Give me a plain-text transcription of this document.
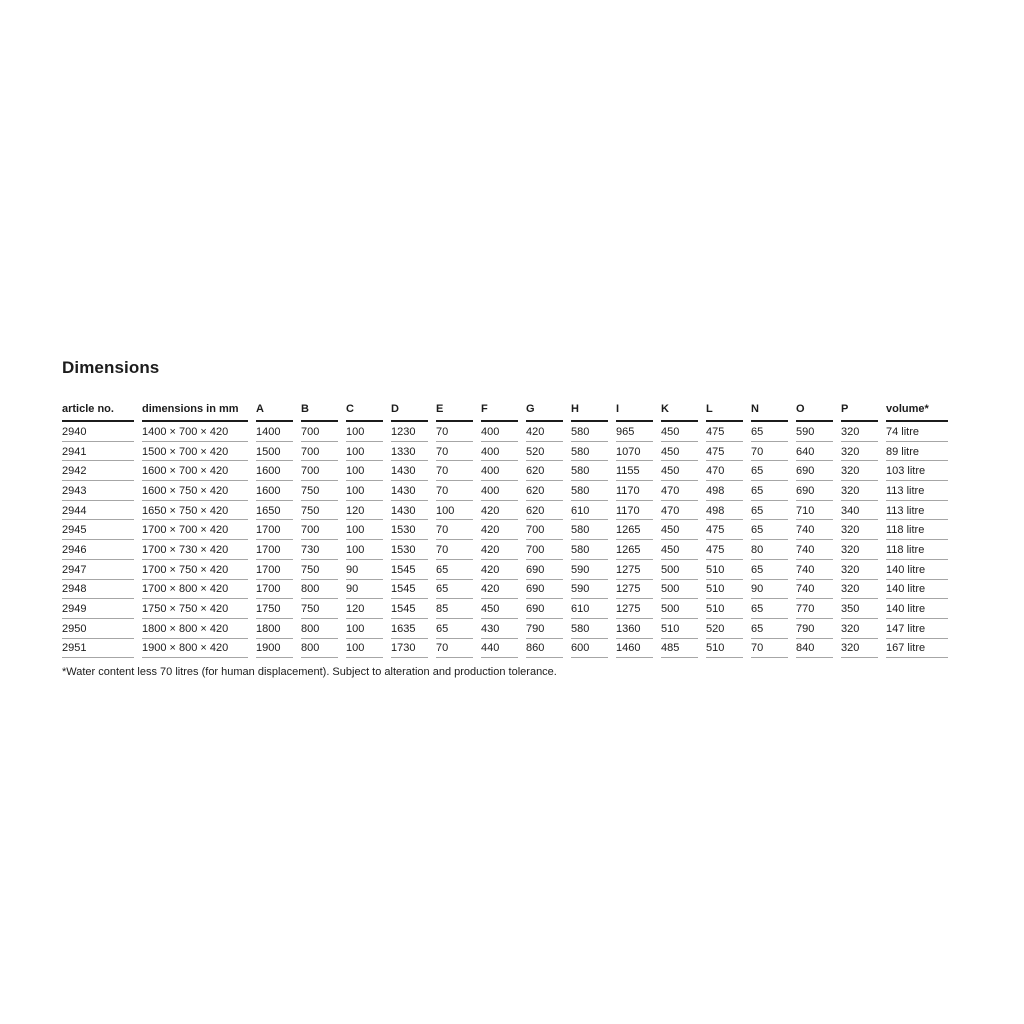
Dimensions
article no.	dimensions in mm	A	B	C	D	E	F	G	H	I	K	L	N	O	P	volume*
2940	1400 × 700 × 420	1400	700	100	1230	70	400	420	580	965	450	475	65	590	320	74 litre
2941	1500 × 700 × 420	1500	700	100	1330	70	400	520	580	1070	450	475	70	640	320	89 litre
2942	1600 × 700 × 420	1600	700	100	1430	70	400	620	580	1155	450	470	65	690	320	103 litre
2943	1600 × 750 × 420	1600	750	100	1430	70	400	620	580	1170	470	498	65	690	320	113 litre
2944	1650 × 750 × 420	1650	750	120	1430	100	420	620	610	1170	470	498	65	710	340	113 litre
2945	1700 × 700 × 420	1700	700	100	1530	70	420	700	580	1265	450	475	65	740	320	118 litre
2946	1700 × 730 × 420	1700	730	100	1530	70	420	700	580	1265	450	475	80	740	320	118 litre
2947	1700 × 750 × 420	1700	750	90	1545	65	420	690	590	1275	500	510	65	740	320	140 litre
2948	1700 × 800 × 420	1700	800	90	1545	65	420	690	590	1275	500	510	90	740	320	140 litre
2949	1750 × 750 × 420	1750	750	120	1545	85	450	690	610	1275	500	510	65	770	350	140 litre
2950	1800 × 800 × 420	1800	800	100	1635	65	430	790	580	1360	510	520	65	790	320	147 litre
2951	1900 × 800 × 420	1900	800	100	1730	70	440	860	600	1460	485	510	70	840	320	167 litre

*Water content less 70 litres (for human displacement). Subject to alteration and production tolerance.
